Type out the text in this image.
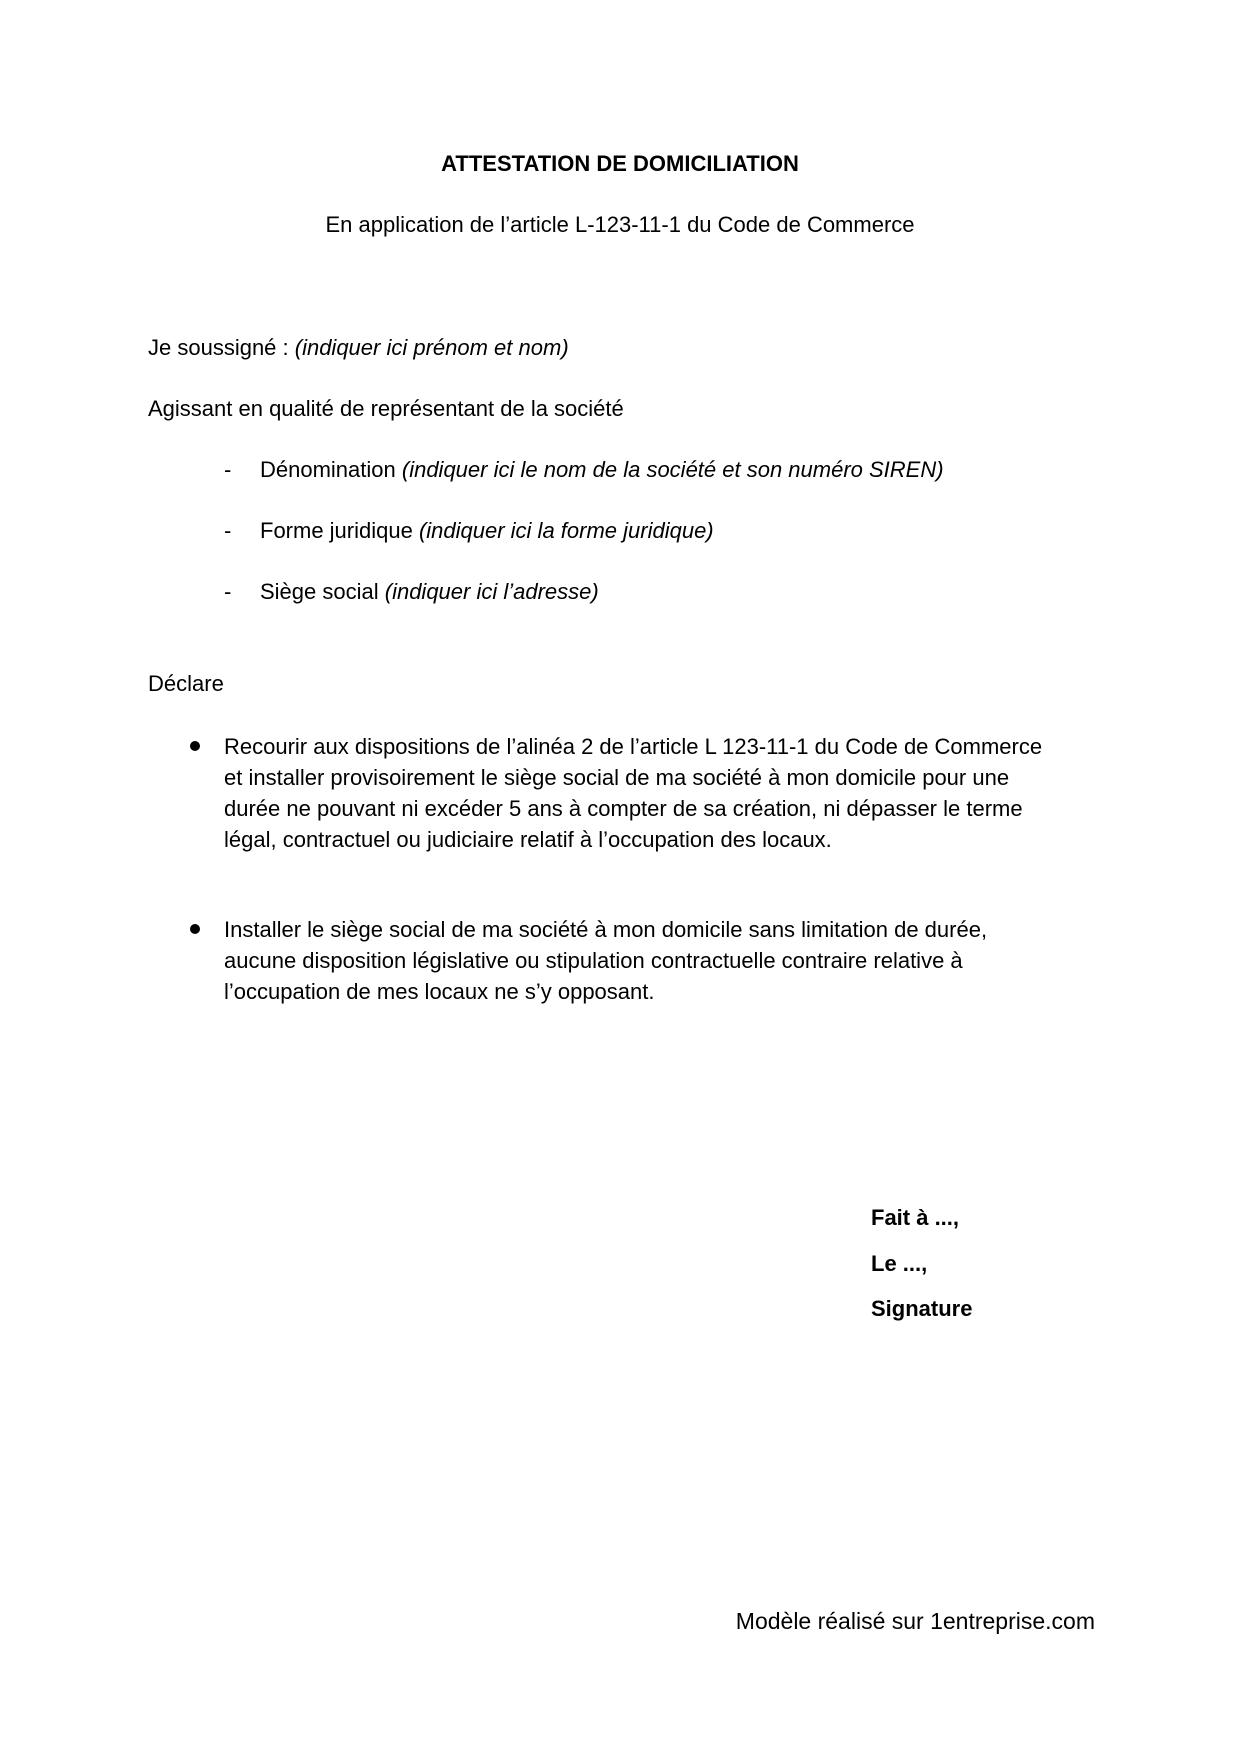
ATTESTATION DE DOMICILIATION
En application de l’article L-123-11-1 du Code de Commerce
Je soussigné : (indiquer ici prénom et nom)
Agissant en qualité de représentant de la société
- Dénomination (indiquer ici le nom de la société et son numéro SIREN)
- Forme juridique (indiquer ici la forme juridique)
- Siège social (indiquer ici l’adresse)
Déclare
Recourir aux dispositions de l’alinéa 2 de l’article L 123-11-1 du Code de Commerce
et installer provisoirement le siège social de ma société à mon domicile pour une
durée ne pouvant ni excéder 5 ans à compter de sa création, ni dépasser le terme
légal, contractuel ou judiciaire relatif à l’occupation des locaux.
Installer le siège social de ma société à mon domicile sans limitation de durée,
aucune disposition législative ou stipulation contractuelle contraire relative à
l’occupation de mes locaux ne s’y opposant.
Fait à ...,
Le ...,
Signature
Modèle réalisé sur 1entreprise.com
